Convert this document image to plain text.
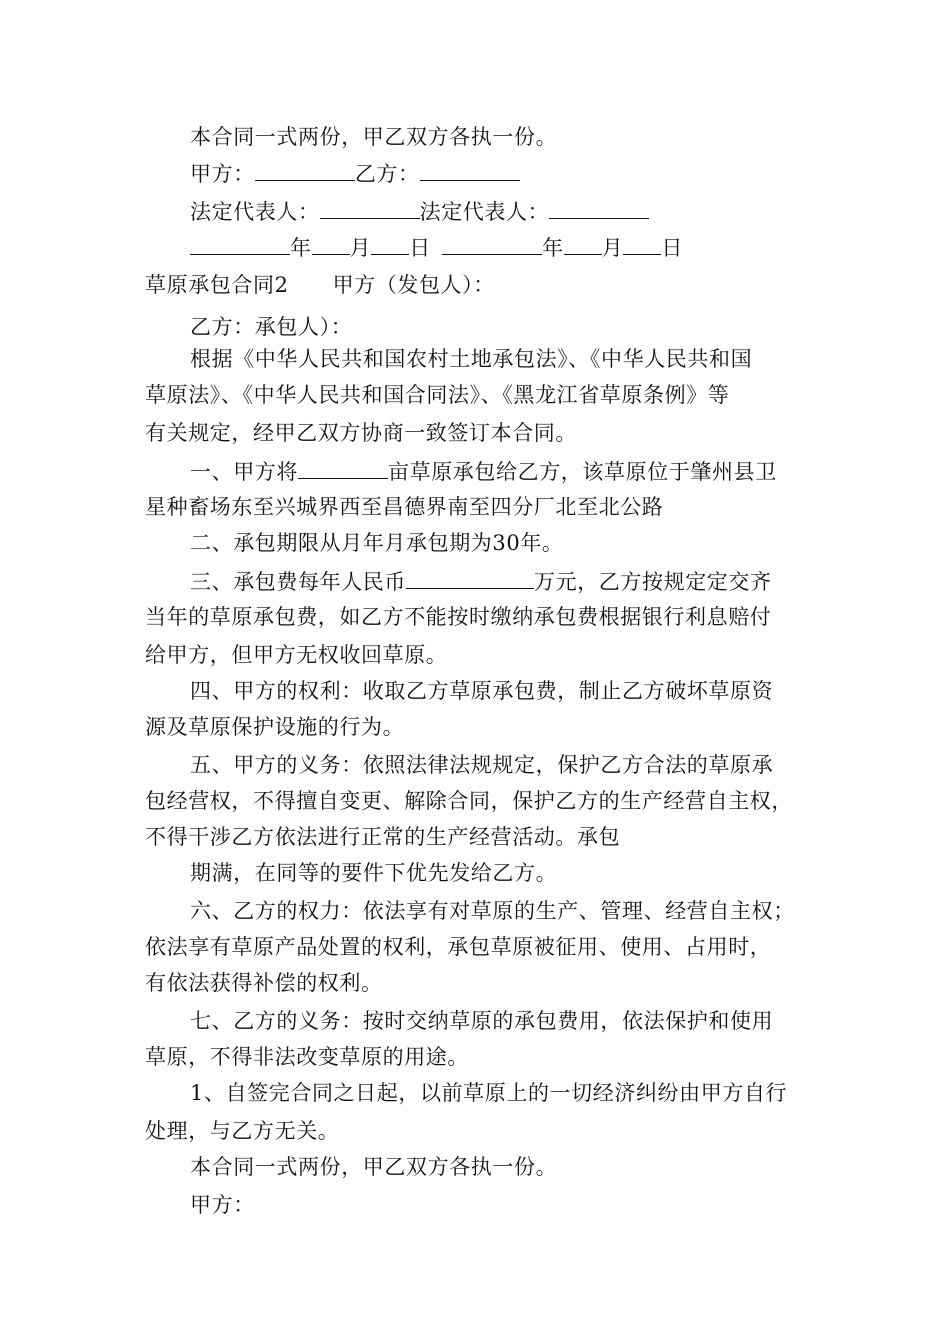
本合同一式两份，甲乙双方各执一份。
甲方：	乙方：
法定代表人：	法定代表人：
年 月 日	年 月 日
草原承包合同2 甲方（发包人）：
乙方：承包人）：
根据《中华人民共和国农村土地承包法》、《中华人民共和国
草原法》、《中华人民共和国合同法》、《黑龙江省草原条例》等
有关规定，经甲乙双方协商一致签订本合同。
一、甲方将	亩草原承包给乙方，该草原位于肇州县卫
星种畜场东至兴城界西至昌德界南至四分厂北至北公路
二、承包期限从月年月承包期为30年。
三、承包费每年人民币	万元，乙方按规定定交齐
当年的草原承包费，如乙方不能按时缴纳承包费根据银行利息赔付
给甲方，但甲方无权收回草原。
四、甲方的权利：收取乙方草原承包费，制止乙方破坏草原资
源及草原保护设施的行为。
五、甲方的义务：依照法律法规规定，保护乙方合法的草原承
包经营权，不得擅自变更、解除合同，保护乙方的生产经营自主权，
不得干涉乙方依法进行正常的生产经营活动。承包
期满，在同等的要件下优先发给乙方。
六、乙方的权力：依法享有对草原的生产、管理、经营自主权；
依法享有草原产品处置的权利，承包草原被征用、使用、占用时，
有依法获得补偿的权利。
七、乙方的义务：按时交纳草原的承包费用，依法保护和使用
草原，不得非法改变草原的用途。
1、自签完合同之日起，以前草原上的一切经济纠纷由甲方自行
处理，与乙方无关。
本合同一式两份，甲乙双方各执一份。
甲方：
